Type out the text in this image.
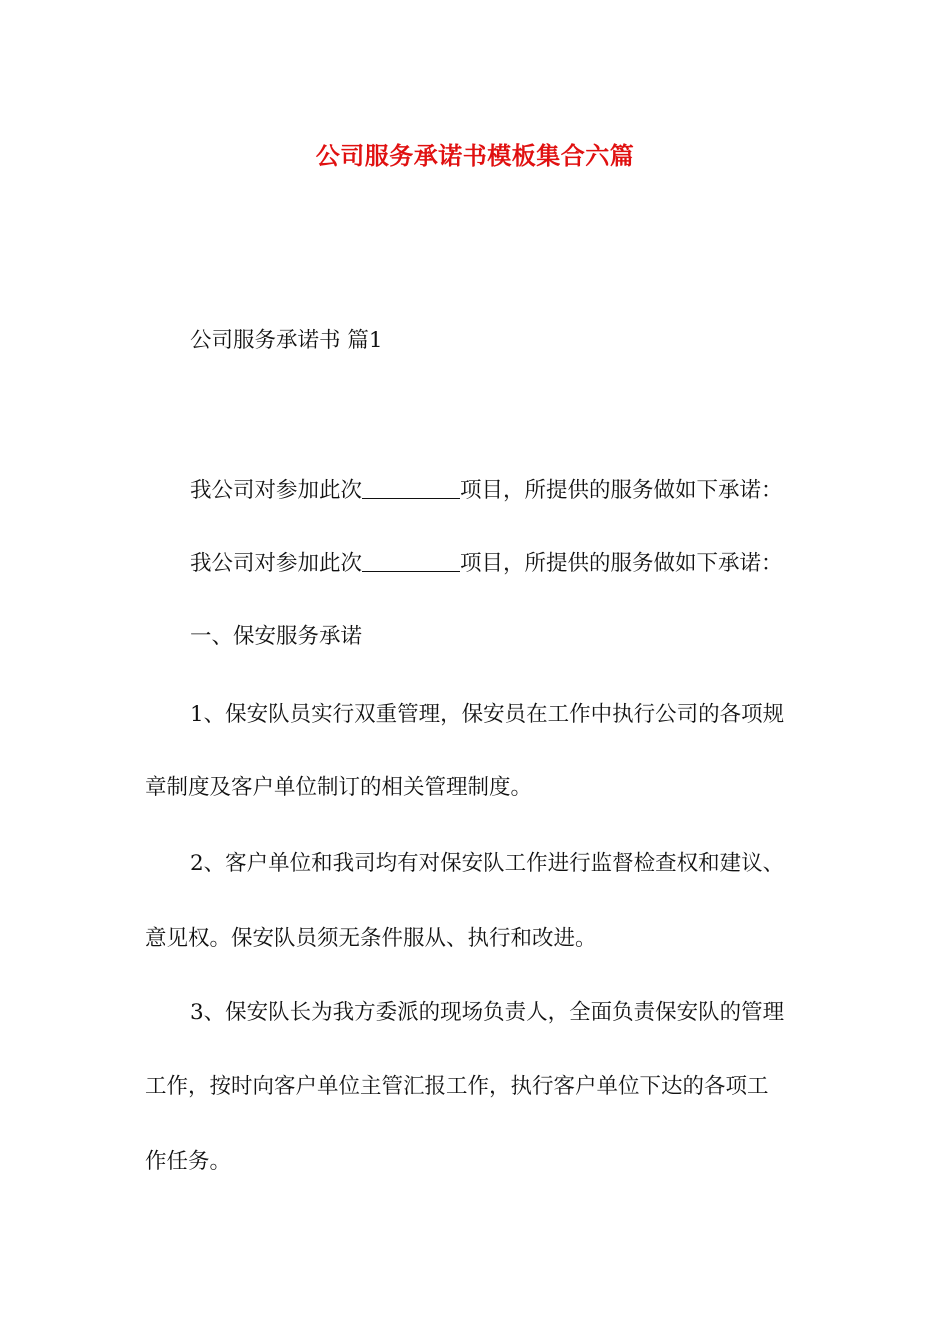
公司服务承诺书模板集合六篇
公司服务承诺书 篇1
我公司对参加此次	项目，所提供的服务做如下承诺：
我公司对参加此次	项目，所提供的服务做如下承诺：
一、保安服务承诺
1、保安队员实行双重管理，保安员在工作中执行公司的各项规
章制度及客户单位制订的相关管理制度。
2、客户单位和我司均有对保安队工作进行监督检查权和建议、
意见权。保安队员须无条件服从、执行和改进。
3、保安队长为我方委派的现场负责人，全面负责保安队的管理
工作，按时向客户单位主管汇报工作，执行客户单位下达的各项工
作任务。
